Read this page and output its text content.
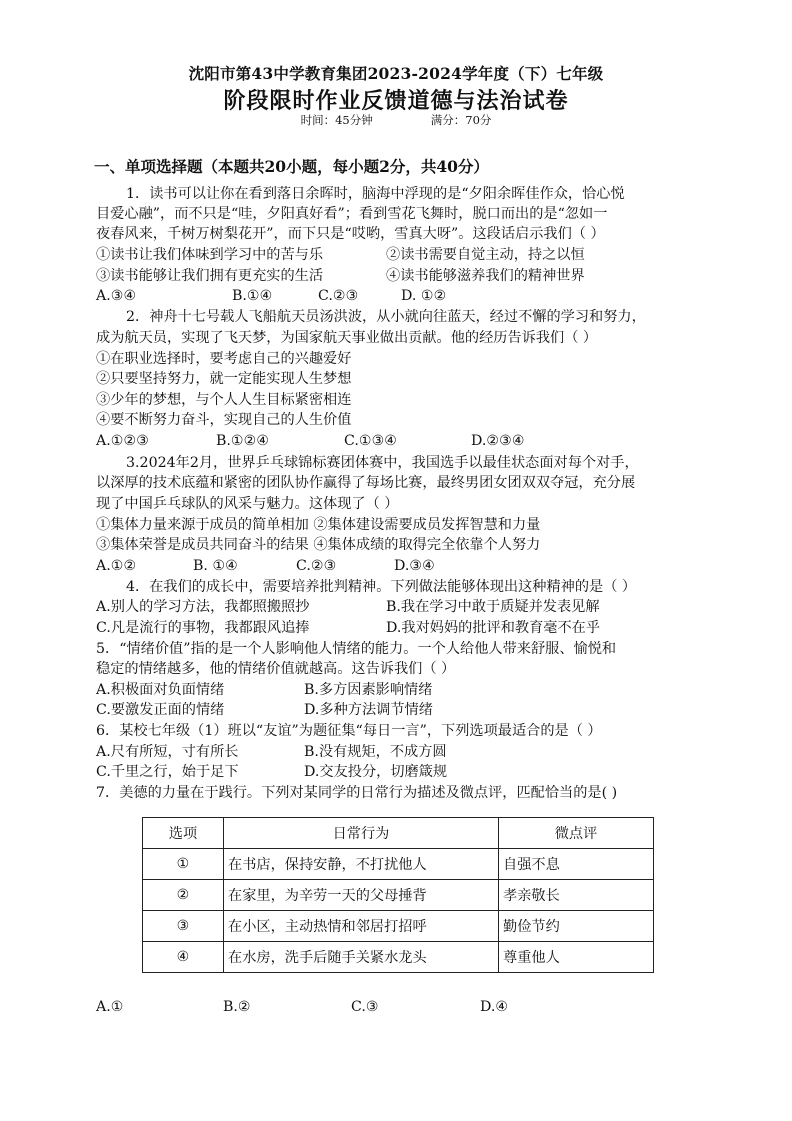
沈阳市第43中学教育集团2023-2024学年度（下）七年级
阶段限时作业反馈道德与法治试卷
时间：45分钟	满分：70分
一、单项选择题（本题共20小题，每小题2分，共40分）
1．读书可以让你在看到落日余晖时，脑海中浮现的是“夕阳余晖佳作众，恰心悦
目爱心融”，而不只是“哇，夕阳真好看”；看到雪花飞舞时，脱口而出的是“忽如一
夜春风来，千树万树梨花开”，而下只是“哎哟，雪真大呀”。这段话启示我们（ ）
①读书让我们体味到学习中的苦与乐	②读书需要自觉主动，持之以恒
③读书能够让我们拥有更充实的生活	④读书能够滋养我们的精神世界
A.③④	B.①④	C.②③	D. ①②
2．神舟十七号载人飞船航天员汤洪波，从小就向往蓝天，经过不懈的学习和努力，
成为航天员，实现了飞天梦，为国家航天事业做出贡献。他的经历告诉我们（ ）
①在职业选择时，要考虑自己的兴趣爱好
②只要坚持努力，就一定能实现人生梦想
③少年的梦想，与个人人生目标紧密相连
④要不断努力奋斗，实现自己的人生价值
A.①②③	B.①②④	C.①③④	D.②③④
3.2024年2月，世界乒乓球锦标赛团体赛中，我国选手以最佳状态面对每个对手，
以深厚的技术底蕴和紧密的团队协作赢得了每场比赛，最终男团女团双双夺冠，充分展
现了中国乒乓球队的风采与魅力。这体现了（ ）
①集体力量来源于成员的简单相加 ②集体建设需要成员发挥智慧和力量
③集体荣誉是成员共同奋斗的结果 ④集体成绩的取得完全依靠个人努力
A.①②	B. ①④	C.②③	D.③④
4．在我们的成长中，需要培养批判精神。下列做法能够体现出这种精神的是（ ）
A.别人的学习方法，我都照搬照抄	B.我在学习中敢于质疑并发表见解
C.凡是流行的事物，我都跟风追捧	D.我对妈妈的批评和教育毫不在乎
5．“情绪价值”指的是一个人影响他人情绪的能力。一个人给他人带来舒服、愉悦和
稳定的情绪越多，他的情绪价值就越高。这告诉我们（ ）
A.积极面对负面情绪	B.多方因素影响情绪
C.要激发正面的情绪	D.多种方法调节情绪
6．某校七年级（1）班以“友谊”为题征集“每日一言”，下列选项最适合的是（ ）
A.尺有所短，寸有所长	B.没有规矩，不成方圆
C.千里之行，始于足下	D.交友投分，切磨箴规
7．美德的力量在于践行。下列对某同学的日常行为描述及微点评，匹配恰当的是( )
选项	日常行为	微点评
①	在书店，保持安静，不打扰他人	自强不息
②	在家里，为辛劳一天的父母捶背	孝亲敬长
③	在小区，主动热情和邻居打招呼	勤俭节约
④	在水房，洗手后随手关紧水龙头	尊重他人
A.①	B.②	C.③	D.④
